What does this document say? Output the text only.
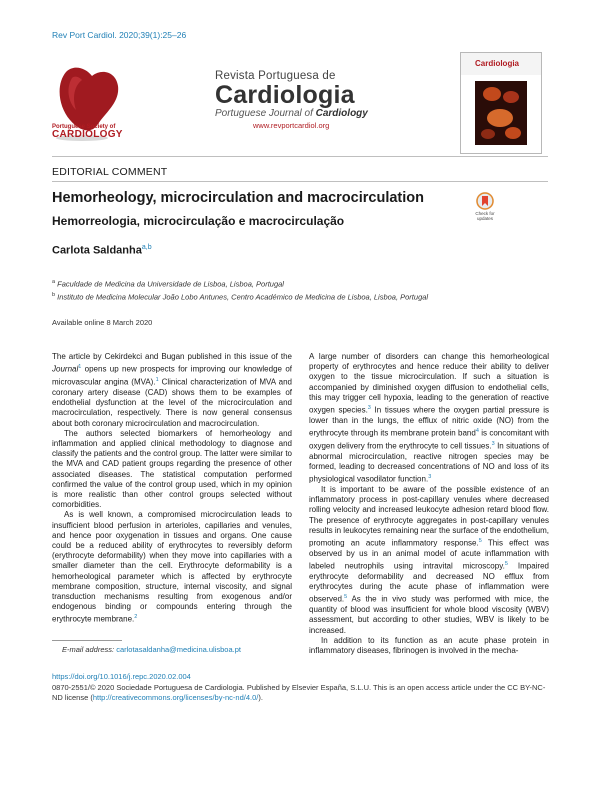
Rev Port Cardiol. 2020;39(1):25–26
Portuguese Society of
CARDIOLOGY
Revista Portuguesa de
Cardiologia
Portuguese Journal of Cardiology
www.revportcardiol.org
Cardiologia
EDITORIAL COMMENT
Hemorheology, microcirculation and macrocirculation
Hemorreologia, microcirculação e macrocirculação
Check for
updates
Carlota Saldanha$^{a,b}$
$^a$ Faculdade de Medicina da Universidade de Lisboa, Lisboa, Portugal
$^b$ Instituto de Medicina Molecular João Lobo Antunes, Centro Académico de Medicina de Lisboa, Lisboa, Portugal
Available online 8 March 2020

The article by Cekirdekci and Bugan published in this issue of the Journal$^1$ opens up new prospects for improving our knowledge of microvascular angina (MVA).$^1$ Clinical characterization of MVA and coronary artery disease (CAD) shows them to be examples of endothelial dysfunction at the level of the microcirculation and macrocirculation, respectively. There is now general consensus about both coronary microcirculation and macrocirculation.

The authors selected biomarkers of hemorheology and inflammation and applied clinical methodology to diagnose and classify the patients and the control group. The latter were similar to the MVA and CAD patient groups regarding the presence of other associated diseases. The statistical computation performed confirmed the value of the control group used, which in my opinion is more realistic than other control groups selected without comorbidities.

As is well known, a compromised microcirculation leads to insufficient blood perfusion in arterioles, capillaries and venules, and hence poor oxygenation in tissues and organs. One cause could be a reduced ability of erythrocytes to reversibly deform (erythrocyte deformability) when they move into capillaries with a smaller diameter than the cell. Erythrocyte deformability is a hemorheological parameter which is affected by erythrocyte membrane composition, structure, internal viscosity, and signal transduction mechanisms resulting from exogenous and/or endogenous binding or compounds entering through the erythrocyte membrane.$^2$

A large number of disorders can change this hemorheological property of erythrocytes and hence reduce their ability to deliver oxygen to the tissue microcirculation. If such a situation is accompanied by diminished oxygen diffusion to endothelial cells, this may trigger cell hypoxia, leading to the generation of reactive oxygen species.$^3$ In tissues where the oxygen partial pressure is lower than in the lungs, the efflux of nitric oxide (NO) from the erythrocyte through its membrane protein band$^4$ is concomitant with oxygen delivery from the erythrocyte to cell tissues.$^3$ In situations of abnormal microcirculation, reactive nitrogen species may be formed, leading to decreased concentrations of NO and loss of its physiological vasodilator function.$^3$

It is important to be aware of the possible existence of an inflammatory process in post-capillary venules where decreased rolling velocity and increased leukocyte adhesion retard blood flow. The presence of erythrocyte aggregates in post-capillary venules results in leukocytes remaining near the surface of the endothelium, promoting an acute inflammatory response.$^5$ This effect was observed by us in an animal model of acute inflammation with labeled neutrophils using intravital microscopy.$^5$ Impaired erythrocyte deformability and decreased NO efflux from erythrocytes during the acute phase of inflammation were observed.$^5$ As the in vivo study was performed with mice, the quantity of blood was insufficient for whole blood viscosity (WBV) assessment, but according to other studies, WBV is likely to be increased.

In addition to its function as an acute phase protein in inflammatory diseases, fibrinogen is involved in the mecha-

E-mail address: carlotasaldanha@medicina.ulisboa.pt
https://doi.org/10.1016/j.repc.2020.02.004
0870-2551/© 2020 Sociedade Portuguesa de Cardiologia. Published by Elsevier España, S.L.U. This is an open access article under the CC BY-NC-ND license (http://creativecommons.org/licenses/by-nc-nd/4.0/).
